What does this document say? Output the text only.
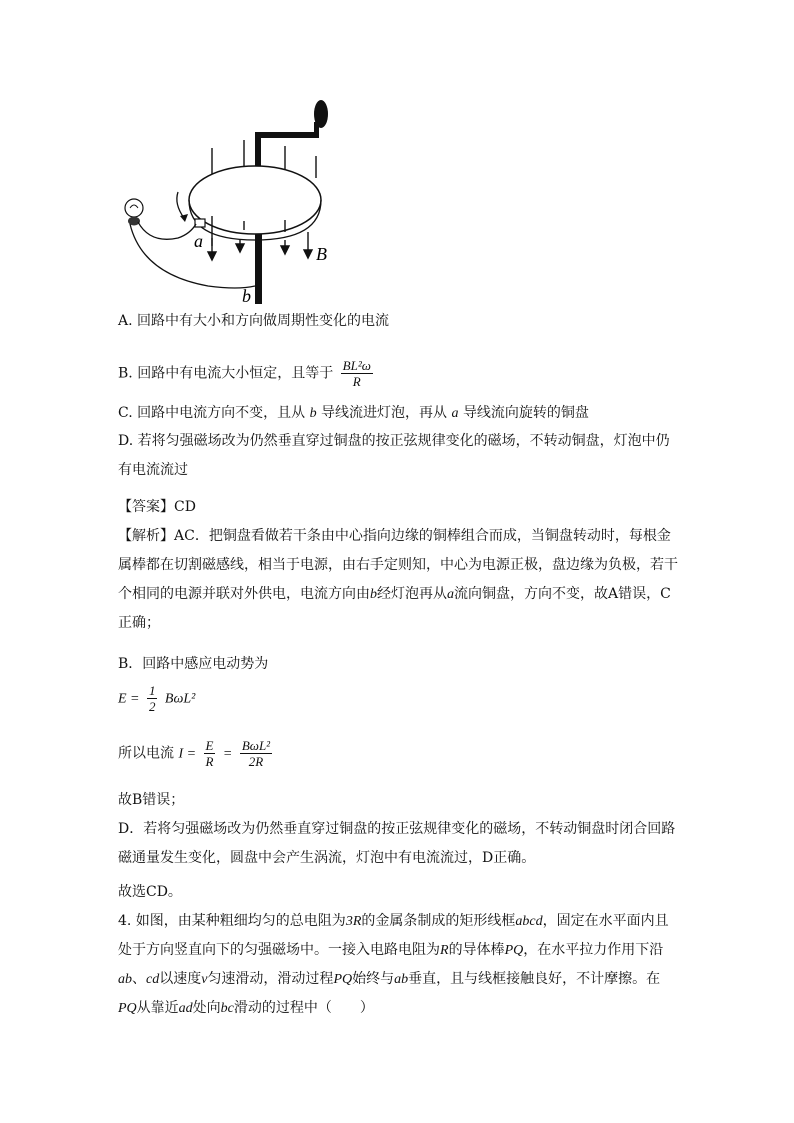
a
b
B
A. 回路中有大小和方向做周期性变化的电流
B. 回路中有电流大小恒定，且等于 $\frac{\text{BL²ω}}{R}$
C. 回路中电流方向不变，且从 b 导线流进灯泡，再从 a 导线流向旋转的铜盘
D. 若将匀强磁场改为仍然垂直穿过铜盘的按正弦规律变化的磁场，不转动铜盘，灯泡中仍有电流流过
【答案】CD
【解析】AC．把铜盘看做若干条由中心指向边缘的铜棒组合而成，当铜盘转动时，每根金属棒都在切割磁感线，相当于电源，由右手定则知，中心为电源正极，盘边缘为负极，若干个相同的电源并联对外供电，电流方向由b经灯泡再从a流向铜盘，方向不变，故A错误，C正确；
B．回路中感应电动势为
$E = \frac{1}{2} B\omega L^2$
所以电流 $I = \frac{E}{R} = \frac{\text{BωL²}}{2R}$
故B错误；
D．若将匀强磁场改为仍然垂直穿过铜盘的按正弦规律变化的磁场，不转动铜盘时闭合回路磁通量发生变化，圆盘中会产生涡流，灯泡中有电流流过，D正确。
故选CD。
4. 如图，由某种粗细均匀的总电阻为3R的金属条制成的矩形线框abcd，固定在水平面内且处于方向竖直向下的匀强磁场中。一接入电路电阻为R的导体棒PQ，在水平拉力作用下沿ab、cd以速度v匀速滑动，滑动过程PQ始终与ab垂直，且与线框接触良好，不计摩擦。在PQ从靠近ad处向bc滑动的过程中（　　）
